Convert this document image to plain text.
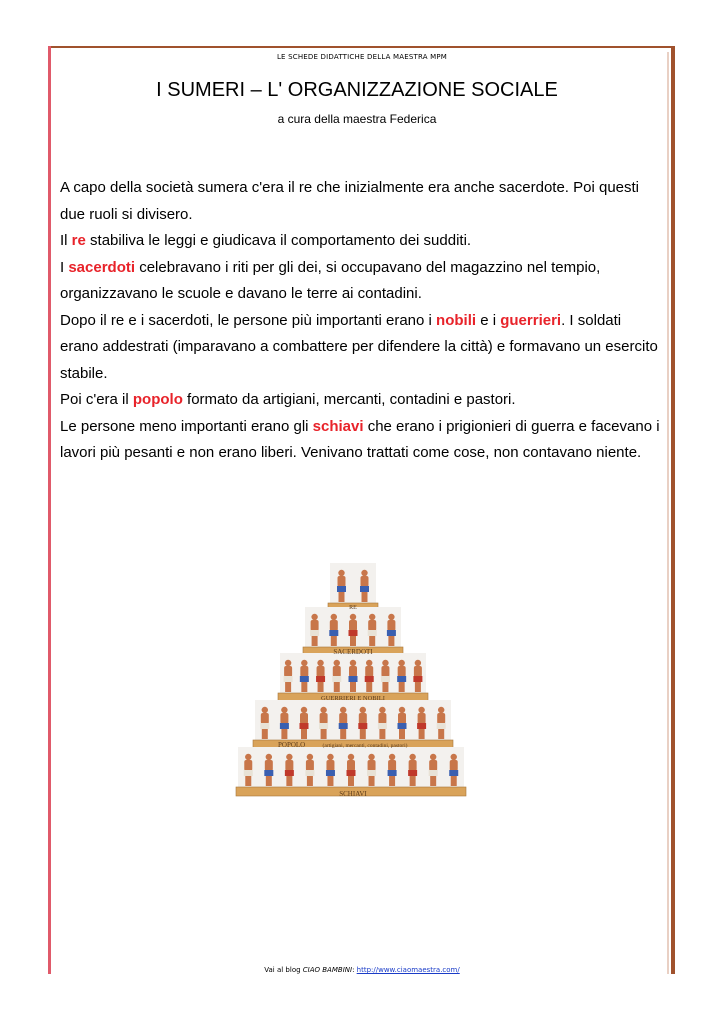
LE SCHEDE DIDATTICHE DELLA MAESTRA MPM
I SUMERI – L' ORGANIZZAZIONE SOCIALE
a cura della maestra Federica

A capo della società sumera c'era il re che inizialmente era anche sacerdote. Poi questi due ruoli si divisero.

Il re stabiliva le leggi e giudicava il comportamento dei sudditi.

I sacerdoti celebravano i riti per gli dei, si occupavano del magazzino nel tempio, organizzavano le scuole e davano le terre ai contadini.

Dopo il re e i sacerdoti, le persone più importanti erano i nobili e i guerrieri. I soldati erano addestrati (imparavano a combattere per difendere la città) e formavano un esercito stabile.

Poi c'era il popolo formato da artigiani, mercanti, contadini e pastori.

Le persone meno importanti erano gli schiavi che erano i prigionieri di guerra e facevano i lavori più pesanti e non erano liberi. Venivano trattati come cose, non contavano niente.

RE
SACERDOTI
GUERRIERI E NOBILI
POPOLO	(artigiani, mercanti, contadini, pastori)
SCHIAVI
Vai al blog CIAO BAMBINI: http://www.ciaomaestra.com/
